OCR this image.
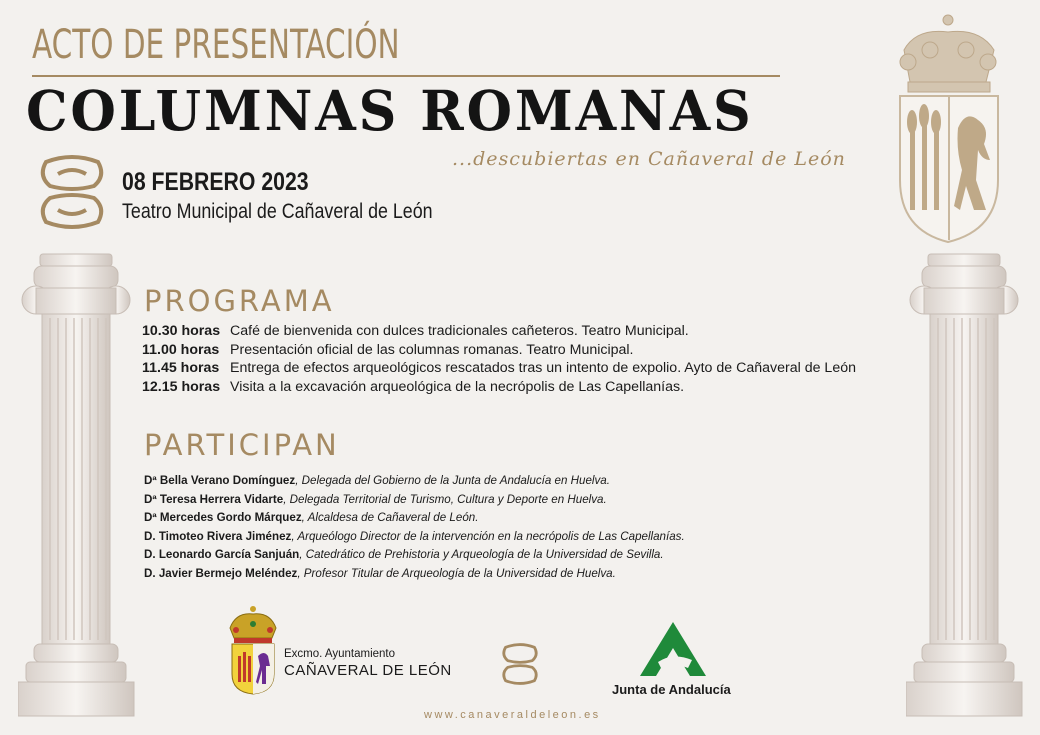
ACTO DE PRESENTACIÓN
COLUMNAS ROMANAS
...descubiertas en Cañaveral de León
08 FEBRERO 2023
Teatro Municipal de Cañaveral de León
PROGRAMA
10.30 horas Café de bienvenida con dulces tradicionales cañeteros. Teatro Municipal.
11.00 horas Presentación oficial de las columnas romanas. Teatro Municipal.
11.45 horas Entrega de efectos arqueológicos rescatados tras un intento de expolio. Ayto de Cañaveral de León
12.15 horas Visita a la excavación arqueológica de la necrópolis de Las Capellanías.
PARTICIPAN
Dª Bella Verano Domínguez, Delegada del Gobierno de la Junta de Andalucía en Huelva.
Dª Teresa Herrera Vidarte, Delegada Territorial de Turismo, Cultura y Deporte en Huelva.
Dª Mercedes Gordo Márquez, Alcaldesa de Cañaveral de León.
D. Timoteo Rivera Jiménez, Arqueólogo Director de la intervención en la necrópolis de Las Capellanías.
D. Leonardo García Sanjuán, Catedrático de Prehistoria y Arqueología de la Universidad de Sevilla.
D. Javier Bermejo Meléndez, Profesor Titular de Arqueología de la Universidad de Huelva.
Excmo. Ayuntamiento
CAÑAVERAL DE LEÓN
Junta de Andalucía
www.canaveraldeleon.es
